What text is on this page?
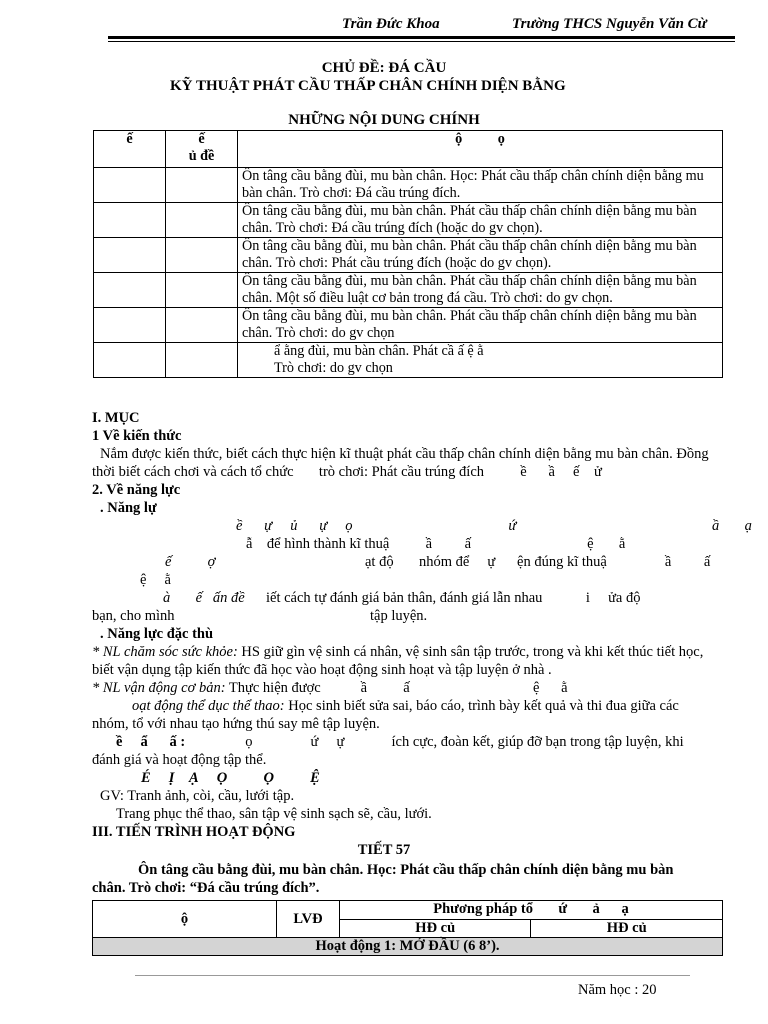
Trần Đức Khoa	Trường THCS Nguyễn Văn Cừ
CHỦ ĐỀ: ĐÁ CẦU
KỸ THUẬT PHÁT CẦU THẤP CHÂN CHÍNH DIỆN BẰNG
NHỮNG NỘI DUNG CHÍNH
ế	ế
ủ đề	ộ          ọ
		Ôn tâng cầu bằng đùi, mu bàn chân. Học: Phát cầu thấp chân chính diện bằng mu bàn chân. Trò chơi: Đá cầu trúng đích.
		Ôn tâng cầu bằng đùi, mu bàn chân. Phát cầu thấp chân chính diện bằng mu bàn chân. Trò chơi: Đá cầu trúng đích (hoặc do gv chọn).
		Ôn tâng cầu bằng đùi, mu bàn chân. Phát cầu thấp chân chính diện bằng mu bàn chân. Trò chơi: Phát cầu trúng đích (hoặc do gv chọn).
		Ôn tâng cầu bằng đùi, mu bàn chân. Phát cầu thấp chân chính diện bằng mu bàn chân. Một số điều luật cơ bản trong đá cầu. Trò chơi: do gv chọn.
		Ôn tâng cầu bằng đùi, mu bàn chân. Phát cầu thấp chân chính diện bằng mu bàn chân. Trò chơi: do gv chọn
		ẩ ằng đùi, mu bàn chân. Phát cầ ấ ệ ằ
Trò chơi: do gv chọn
I. MỤC
1 Về kiến thức
Nắm được kiến thức, biết cách thực hiện kĩ thuật phát cầu thấp chân chính diện bằng mu bàn chân. Đồng
thời biết cách chơi và cách tổ chức       trò chơi: Phát cầu trúng đích          ề      ầ     ế    ử
2. Về năng lực
. Năng lự
ề      ự     ủ      ự     ọ                                           ứ                                                      ầ       ạ
ẫ    để hình thành kĩ thuậ          ầ         ấ                                ệ       ằ
ế          ợ	ạt độ       nhóm để     ự      ện đúng kĩ thuậ                ầ         ấ
ệ     ằ
à       ế   ấn đề iết cách tự đánh giá bản thân, đánh giá lẫn nhau            i     ửa độ
bạn, cho mình	tập luyện.
. Năng lực đặc thù
* NL chăm sóc sức khỏe: HS giữ gìn vệ sinh cá nhân, vệ sinh sân tập trước, trong và khi kết thúc tiết học,
biết vận dụng tập kiến thức đã học vào hoạt động sinh hoạt và tập luyện ở nhà .
* NL vận động cơ bản: Thực hiện được           ầ          ấ                                  ệ      ằ
oạt động thể dục thể thao: Học sinh biết sửa sai, báo cáo, trình bày kết quả và thi đua giữa các
nhóm, tổ với nhau tạo hứng thú say mê tập luyện.
ề     ẩ      ấ :	ọ                ứ     ự             ích cực, đoàn kết, giúp đỡ bạn trong tập luyện, khi
đánh giá và hoạt động tập thể.
É     Ị    Ạ     Ọ          Ọ          Ệ
GV: Tranh ảnh, còi, cầu, lưới tập.
Trang phục thể thao, sân tập vệ sinh sạch sẽ, cầu, lưới.
III. TIẾN TRÌNH HOẠT ĐỘNG
TIẾT 57
Ôn tâng cầu bằng đùi, mu bàn chân. Học: Phát cầu thấp chân chính diện bằng mu bàn
chân. Trò chơi: “Đá cầu trúng đích”.
ộ	LVĐ	Phương pháp tổ       ứ       ả      ạ	
		HĐ củ	HĐ củ
Hoạt động 1: MỞ ĐẦU (6 8’).			
Năm học : 20
